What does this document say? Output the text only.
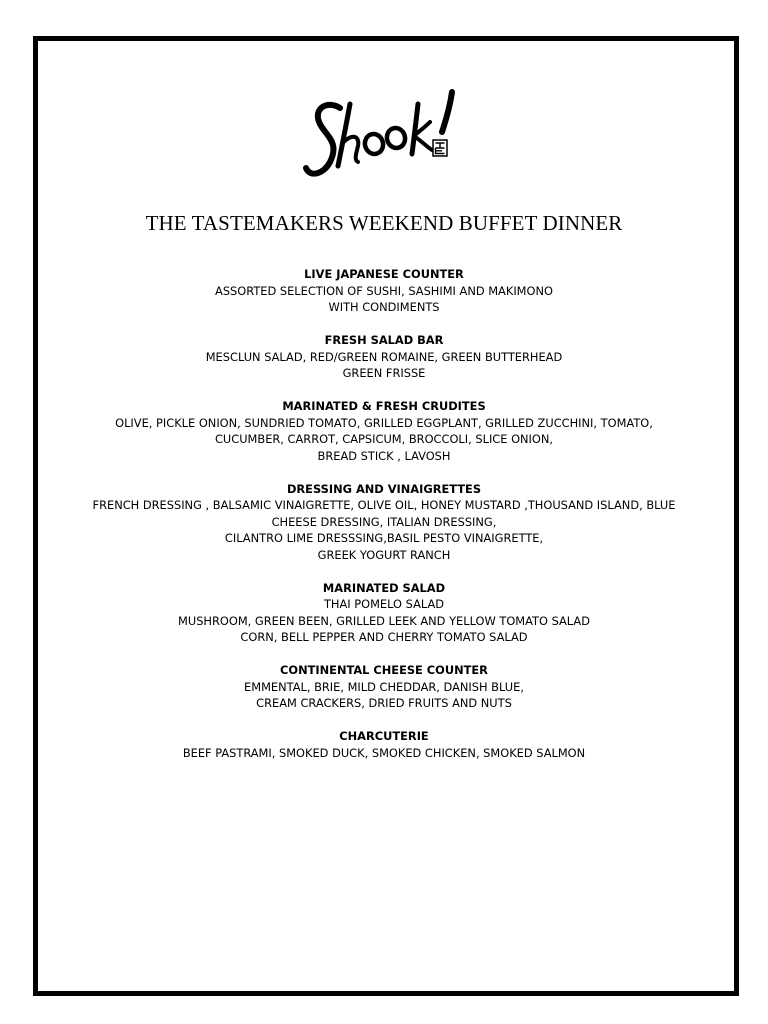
THE TASTEMAKERS WEEKEND BUFFET DINNER
LIVE JAPANESE COUNTER
ASSORTED SELECTION OF SUSHI, SASHIMI AND MAKIMONO
WITH CONDIMENTS
FRESH SALAD BAR
MESCLUN SALAD, RED/GREEN ROMAINE, GREEN BUTTERHEAD
GREEN FRISSE
MARINATED & FRESH CRUDITES
OLIVE, PICKLE ONION, SUNDRIED TOMATO, GRILLED EGGPLANT, GRILLED ZUCCHINI, TOMATO,
CUCUMBER, CARROT, CAPSICUM, BROCCOLI, SLICE ONION,
BREAD STICK , LAVOSH
DRESSING AND VINAIGRETTES
FRENCH DRESSING , BALSAMIC VINAIGRETTE, OLIVE OIL, HONEY MUSTARD ,THOUSAND ISLAND, BLUE
CHEESE DRESSING, ITALIAN DRESSING,
CILANTRO LIME DRESSSING,BASIL PESTO VINAIGRETTE,
GREEK YOGURT RANCH
MARINATED SALAD
THAI POMELO SALAD
MUSHROOM, GREEN BEEN, GRILLED LEEK AND YELLOW TOMATO SALAD
CORN, BELL PEPPER AND CHERRY TOMATO SALAD
CONTINENTAL CHEESE COUNTER
EMMENTAL, BRIE, MILD CHEDDAR, DANISH BLUE,
CREAM CRACKERS, DRIED FRUITS AND NUTS
CHARCUTERIE
BEEF PASTRAMI, SMOKED DUCK, SMOKED CHICKEN, SMOKED SALMON
